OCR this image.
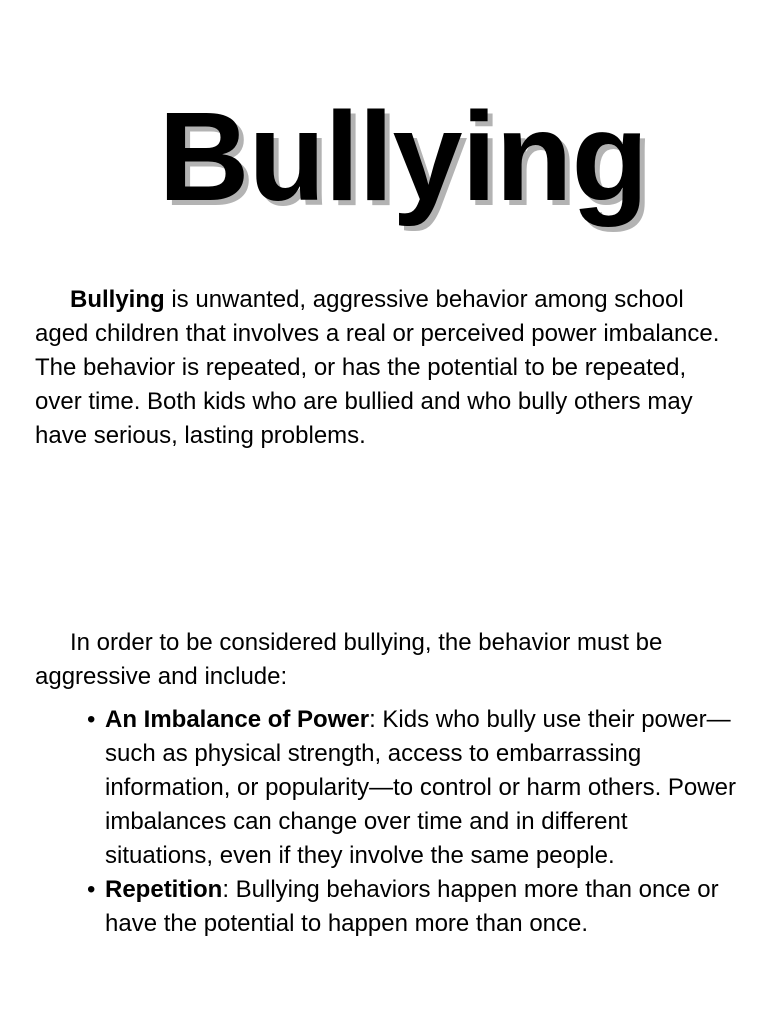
Bullying

Bullying is unwanted, aggressive behavior among school aged children that involves a real or perceived power imbalance. The behavior is repeated, or has the potential to be repeated, over time. Both kids who are bullied and who bully others may have serious, lasting problems.

In order to be considered bullying, the behavior must be aggressive and include:

• An Imbalance of Power: Kids who bully use their power—such as physical strength, access to embarrassing information, or popularity—to control or harm others. Power imbalances can change over time and in different situations, even if they involve the same people.
• Repetition: Bullying behaviors happen more than once or have the potential to happen more than once.
